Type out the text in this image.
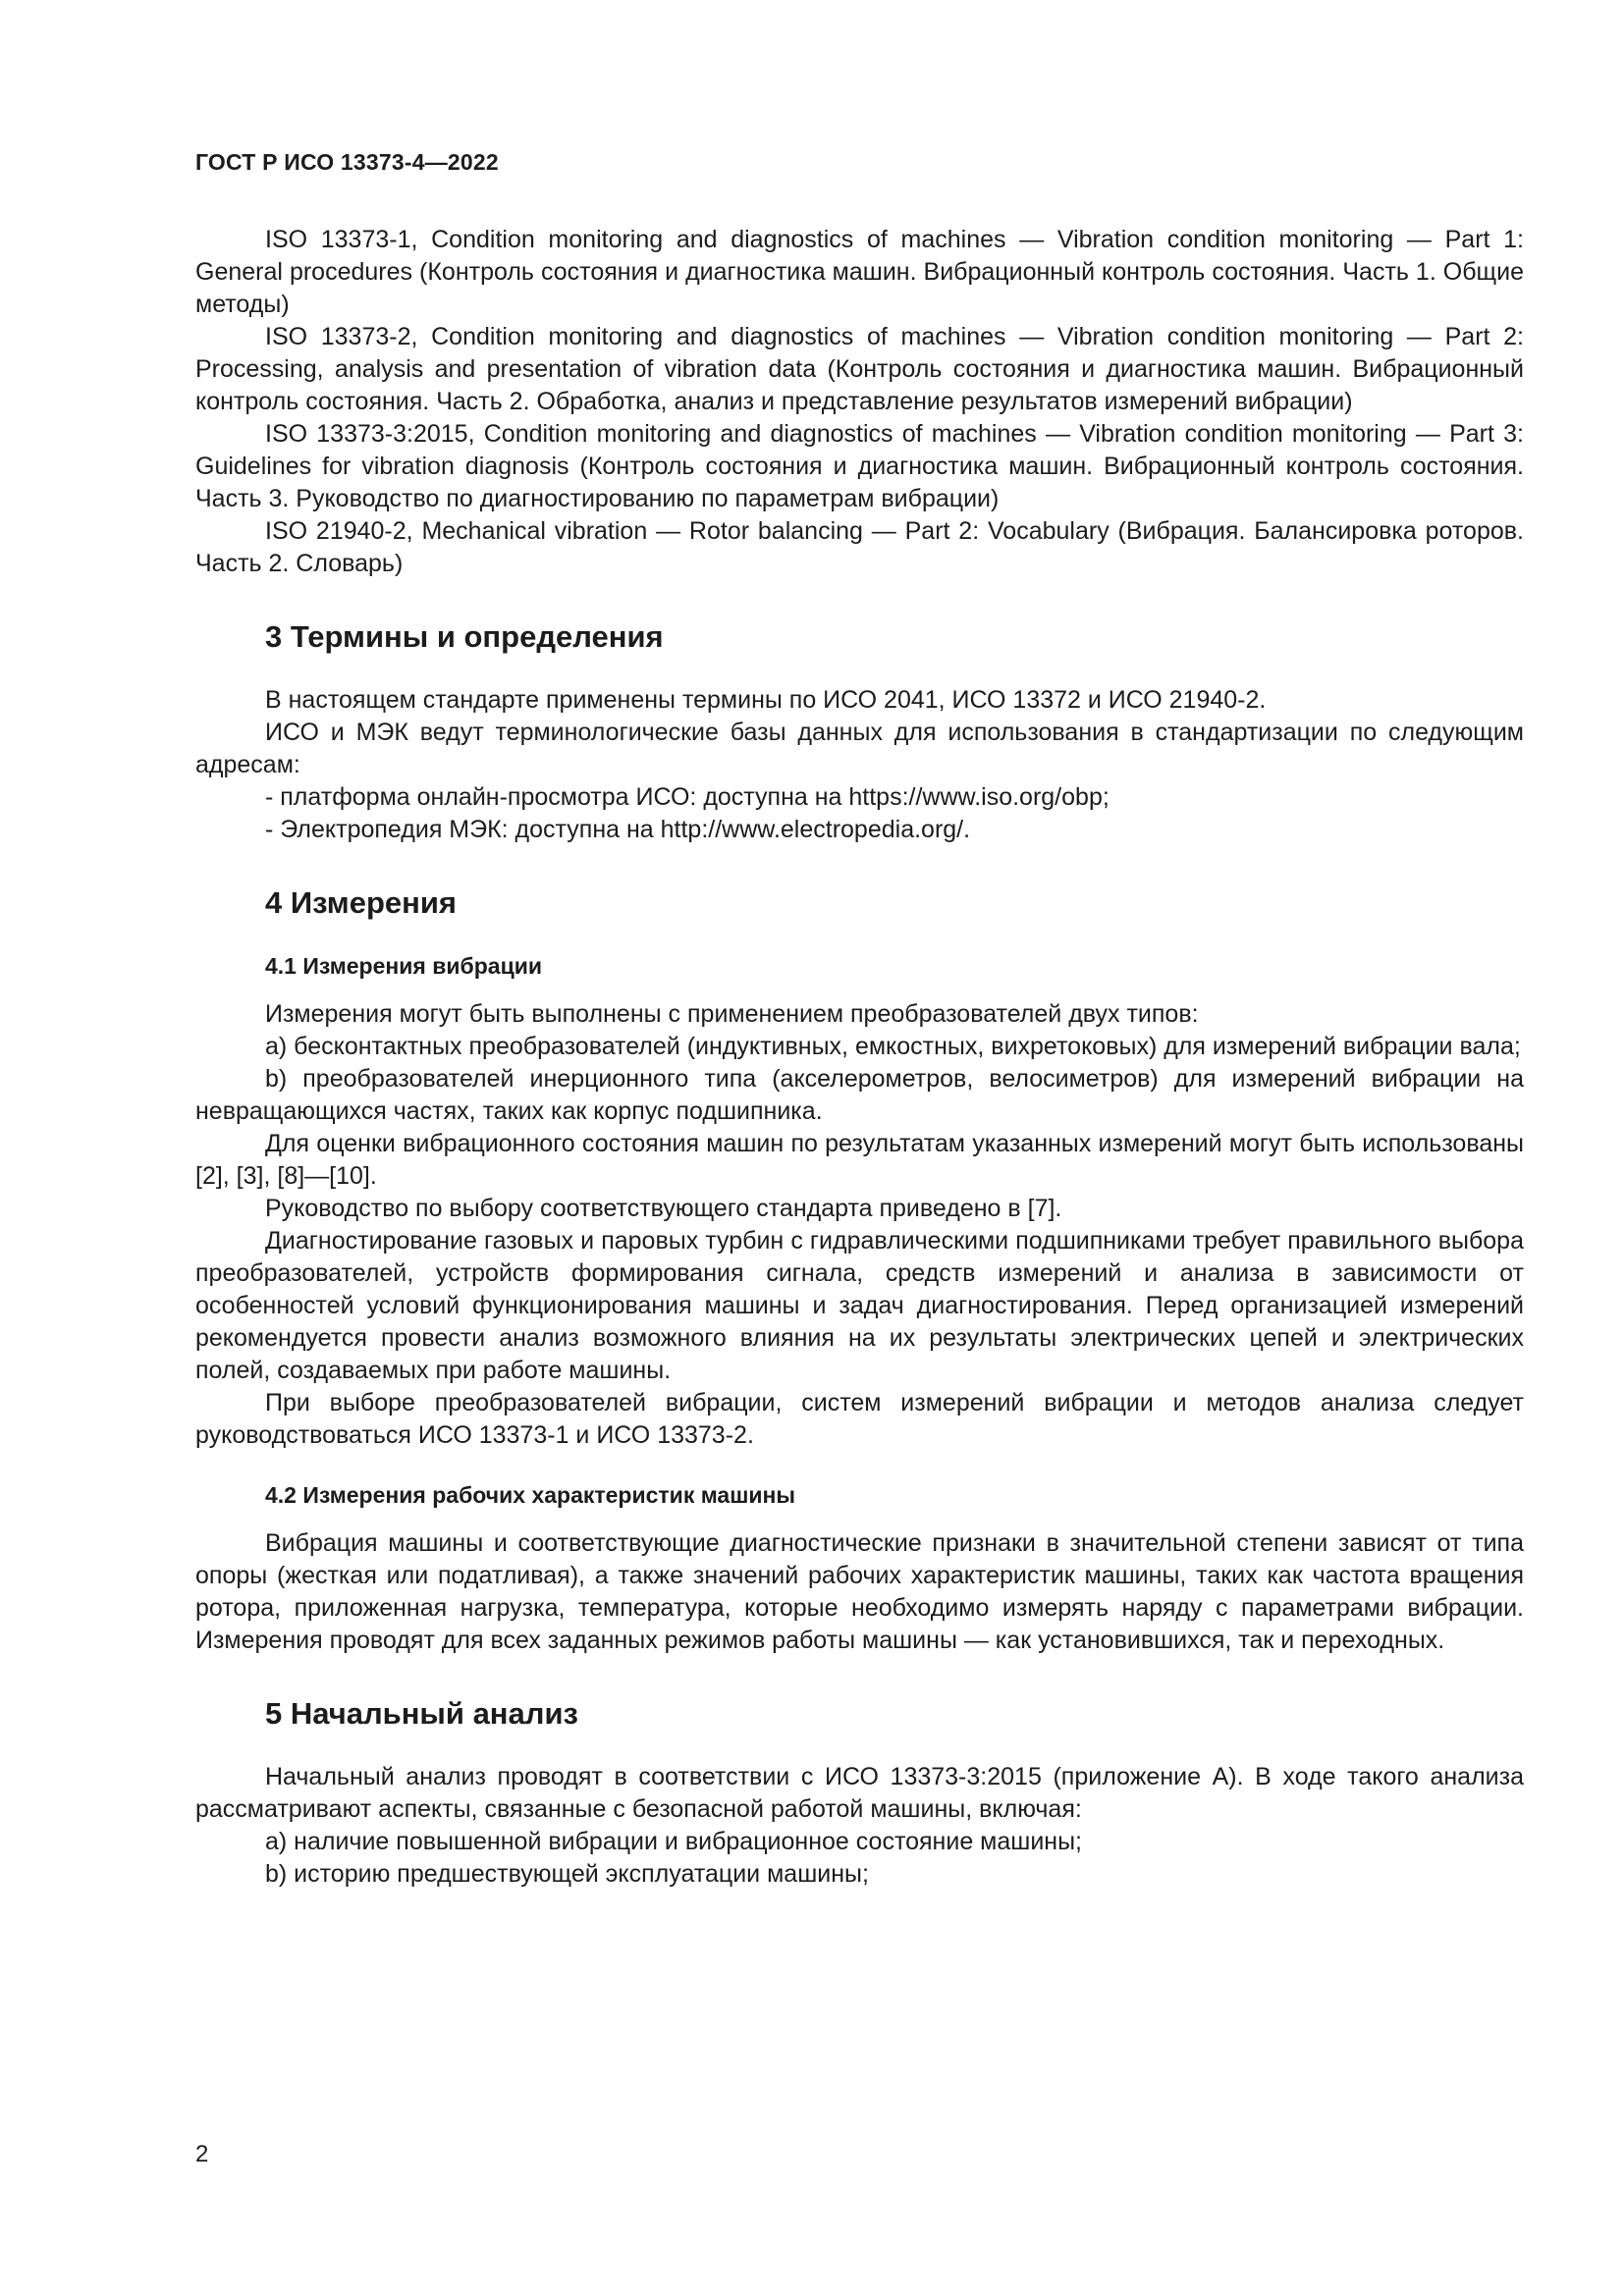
ГОСТ Р ИСО 13373-4—2022

ISO 13373-1, Condition monitoring and diagnostics of machines — Vibration condition monitoring — Part 1: General procedures (Контроль состояния и диагностика машин. Вибрационный контроль состояния. Часть 1. Общие методы)

ISO 13373-2, Condition monitoring and diagnostics of machines — Vibration condition monitoring — Part 2: Processing, analysis and presentation of vibration data (Контроль состояния и диагностика машин. Вибрационный контроль состояния. Часть 2. Обработка, анализ и представление результатов измерений вибрации)

ISO 13373-3:2015, Condition monitoring and diagnostics of machines — Vibration condition monitoring — Part 3: Guidelines for vibration diagnosis (Контроль состояния и диагностика машин. Вибрационный контроль состояния. Часть 3. Руководство по диагностированию по параметрам вибрации)

ISO 21940-2, Mechanical vibration — Rotor balancing — Part 2: Vocabulary (Вибрация. Балансировка роторов. Часть 2. Словарь)

3 Термины и определения

В настоящем стандарте применены термины по ИСО 2041, ИСО 13372 и ИСО 21940-2.

ИСО и МЭК ведут терминологические базы данных для использования в стандартизации по следующим адресам:

- платформа онлайн-просмотра ИСО: доступна на https://www.iso.org/obp;

- Электропедия МЭК: доступна на http://www.electropedia.org/.

4 Измерения
4.1 Измерения вибрации

Измерения могут быть выполнены с применением преобразователей двух типов:

a) бесконтактных преобразователей (индуктивных, емкостных, вихретоковых) для измерений вибрации вала;

b) преобразователей инерционного типа (акселерометров, велосиметров) для измерений вибрации на невращающихся частях, таких как корпус подшипника.

Для оценки вибрационного состояния машин по результатам указанных измерений могут быть использованы [2], [3], [8]—[10].

Руководство по выбору соответствующего стандарта приведено в [7].

Диагностирование газовых и паровых турбин с гидравлическими подшипниками требует правильного выбора преобразователей, устройств формирования сигнала, средств измерений и анализа в зависимости от особенностей условий функционирования машины и задач диагностирования. Перед организацией измерений рекомендуется провести анализ возможного влияния на их результаты электрических цепей и электрических полей, создаваемых при работе машины.

При выборе преобразователей вибрации, систем измерений вибрации и методов анализа следует руководствоваться ИСО 13373-1 и ИСО 13373-2.

4.2 Измерения рабочих характеристик машины

Вибрация машины и соответствующие диагностические признаки в значительной степени зависят от типа опоры (жесткая или податливая), а также значений рабочих характеристик машины, таких как частота вращения ротора, приложенная нагрузка, температура, которые необходимо измерять наряду с параметрами вибрации. Измерения проводят для всех заданных режимов работы машины — как установившихся, так и переходных.

5 Начальный анализ

Начальный анализ проводят в соответствии с ИСО 13373-3:2015 (приложение А). В ходе такого анализа рассматривают аспекты, связанные с безопасной работой машины, включая:

a) наличие повышенной вибрации и вибрационное состояние машины;

b) историю предшествующей эксплуатации машины;

2
